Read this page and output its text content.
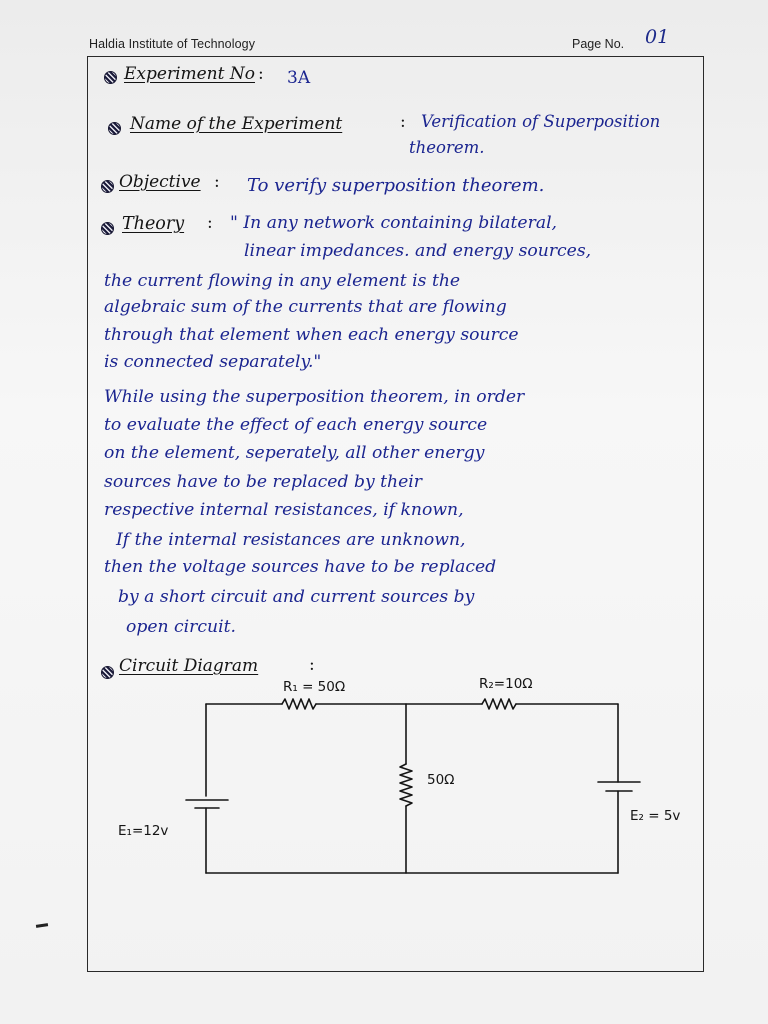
Haldia Institute of Technology	Page No. 01
Experiment No : 3A
Name of the Experiment	: Verification of Superposition
theorem.
Objective : To verify superposition theorem.
Theory : " In any network containing bilateral,
linear impedances. and energy sources,
the current flowing in any element is the
algebraic sum of the currents that are flowing
through that element when each energy source
is connected separately."
While using the superposition theorem, in order
to evaluate the effect of each energy source
on the element, seperately, all other energy
sources have to be replaced by their
respective internal resistances, if known,
If the internal resistances are unknown,
then the voltage sources have to be replaced
by a short circuit and current sources by
open circuit.
Circuit Diagram	:
R₁ = 50Ω	R₂=10Ω
50Ω
E₁=12v
E₂ = 5v
